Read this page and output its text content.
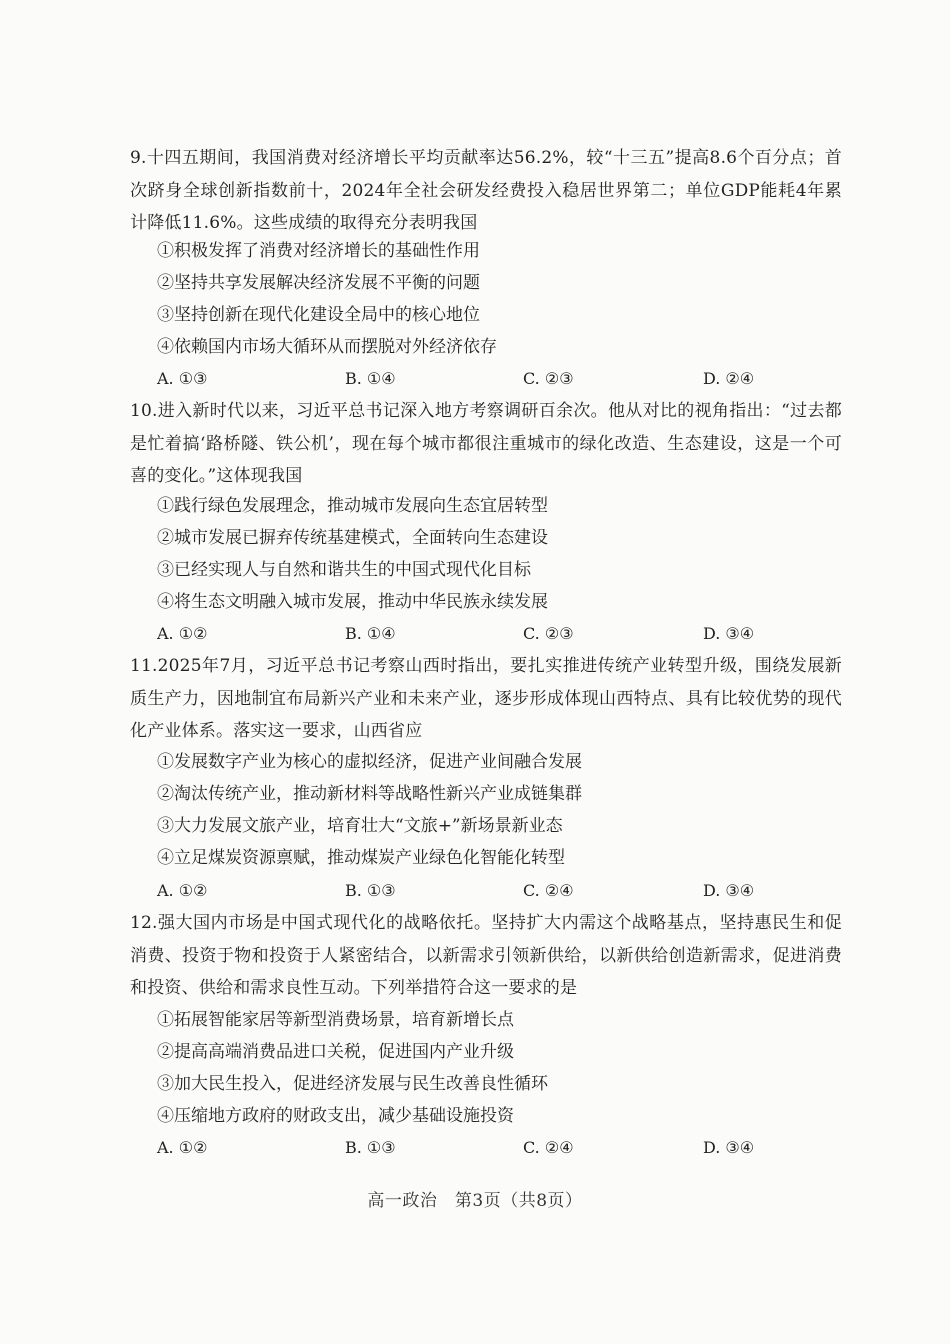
9.十四五期间，我国消费对经济增长平均贡献率达56.2%，较“十三五”提高8.6个百分点；首次跻身全球创新指数前十，2024年全社会研发经费投入稳居世界第二；单位GDP能耗4年累计降低11.6%。这些成绩的取得充分表明我国
①积极发挥了消费对经济增长的基础性作用
②坚持共享发展解决经济发展不平衡的问题
③坚持创新在现代化建设全局中的核心地位
④依赖国内市场大循环从而摆脱对外经济依存
A. ①③	B. ①④	C. ②③	D. ②④
10.进入新时代以来，习近平总书记深入地方考察调研百余次。他从对比的视角指出：“过去都是忙着搞‘路桥隧、铁公机’，现在每个城市都很注重城市的绿化改造、生态建设，这是一个可喜的变化。”这体现我国
①践行绿色发展理念，推动城市发展向生态宜居转型
②城市发展已摒弃传统基建模式，全面转向生态建设
③已经实现人与自然和谐共生的中国式现代化目标
④将生态文明融入城市发展，推动中华民族永续发展
A. ①②	B. ①④	C. ②③	D. ③④
11.2025年7月，习近平总书记考察山西时指出，要扎实推进传统产业转型升级，围绕发展新质生产力，因地制宜布局新兴产业和未来产业，逐步形成体现山西特点、具有比较优势的现代化产业体系。落实这一要求，山西省应
①发展数字产业为核心的虚拟经济，促进产业间融合发展
②淘汰传统产业，推动新材料等战略性新兴产业成链集群
③大力发展文旅产业，培育壮大“文旅+”新场景新业态
④立足煤炭资源禀赋，推动煤炭产业绿色化智能化转型
A. ①②	B. ①③	C. ②④	D. ③④
12.强大国内市场是中国式现代化的战略依托。坚持扩大内需这个战略基点，坚持惠民生和促消费、投资于物和投资于人紧密结合，以新需求引领新供给，以新供给创造新需求，促进消费和投资、供给和需求良性互动。下列举措符合这一要求的是
①拓展智能家居等新型消费场景，培育新增长点
②提高高端消费品进口关税，促进国内产业升级
③加大民生投入，促进经济发展与民生改善良性循环
④压缩地方政府的财政支出，减少基础设施投资
A. ①②	B. ①③	C. ②④	D. ③④
高一政治　第3页（共8页）
